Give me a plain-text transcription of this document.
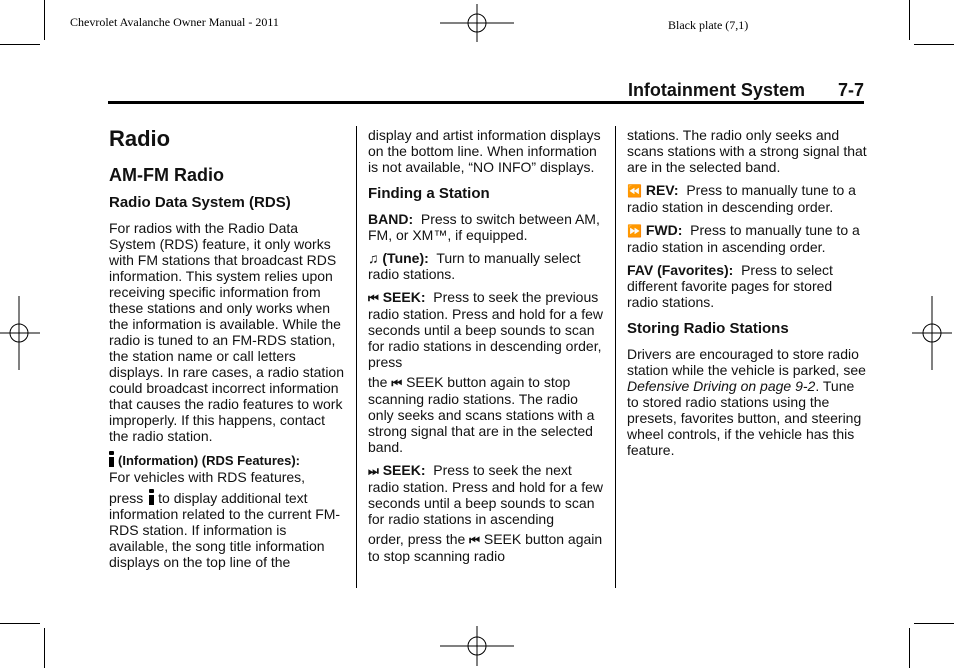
Chevrolet Avalanche Owner Manual - 2011	Black plate (7,1)
Infotainment System 7-7
Radio
AM-FM Radio
Radio Data System (RDS)

For radios with the Radio Data System (RDS) feature, it only works with FM stations that broadcast RDS information. This system relies upon receiving specific information from these stations and only works when the information is available. While the radio is tuned to an FM-RDS station, the station name or call letters displays. In rare cases, a radio station could broadcast incorrect information that causes the radio features to work improperly. If this happens, contact the radio station.

(Information) (RDS Features):
For vehicles with RDS features,

press to display additional text information related to the current FM-RDS station. If information is available, the song title information displays on the top line of the

display and artist information displays on the bottom line. When information is not available, “NO INFO” displays.

Finding a Station

BAND: Press to switch between AM, FM, or XM™, if equipped.

♫ (Tune): Turn to manually select radio stations.

⏮ SEEK: Press to seek the previous radio station. Press and hold for a few seconds until a beep sounds to scan for radio stations in descending order, press

the ⏮ SEEK button again to stop scanning radio stations. The radio only seeks and scans stations with a strong signal that are in the selected band.

⏭ SEEK: Press to seek the next radio station. Press and hold for a few seconds until a beep sounds to scan for radio stations in ascending

order, press the ⏮ SEEK button again to stop scanning radio

stations. The radio only seeks and scans stations with a strong signal that are in the selected band.

⏪ REV: Press to manually tune to a radio station in descending order.

⏩ FWD: Press to manually tune to a radio station in ascending order.

FAV (Favorites): Press to select different favorite pages for stored radio stations.

Storing Radio Stations

Drivers are encouraged to store radio station while the vehicle is parked, see Defensive Driving on page 9-2. Tune to stored radio stations using the presets, favorites button, and steering wheel controls, if the vehicle has this feature.
